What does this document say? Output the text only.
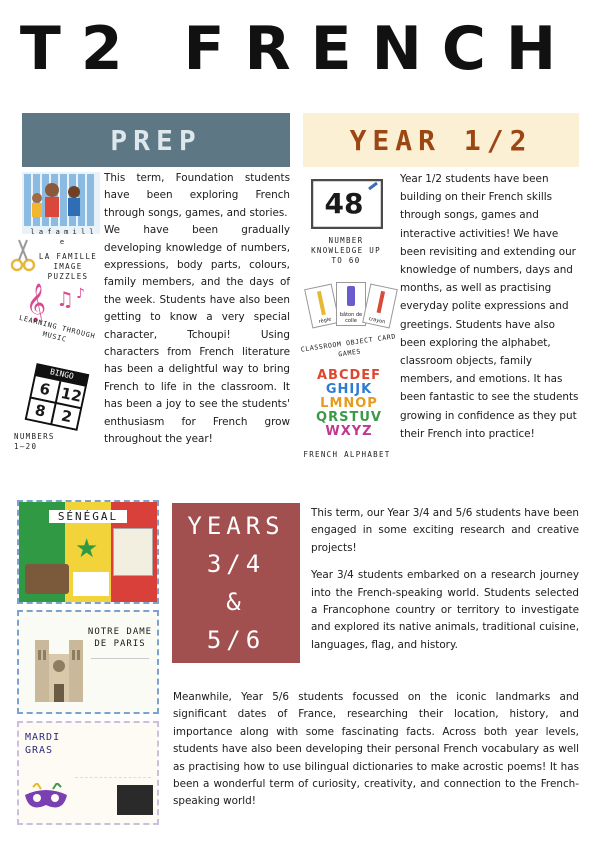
T2 FRENCH
PREP
l a f a m i l l e
LA FAMILLE IMAGE PUZZLES
𝄞 ♫ ♪
LEARNING THROUGH MUSIC
BINGO
6 12
8 2
NUMBERS 1–20

This term, Foundation students have been exploring French through songs, games, and stories.

We have been gradually developing knowledge of numbers, expressions, body parts, colours, family members, and the days of the week. Students have also been getting to know a very special character, Tchoupi! Using characters from French literature has been a delightful way to bring French to life in the classroom. It has been a joy to see the students' enthusiasm for French grow throughout the year!

YEAR 1/2
48
NUMBER KNOWLEDGE UP TO 60
règle
bâton de colle	crayon
CLASSROOM OBJECT CARD GAMES
ABCDEF
GHIJK
LMNOP
QRSTUV
WXYZ
FRENCH ALPHABET

Year 1/2 students have been building on their French skills through songs, games and interactive activities! We have been revisiting and extending our knowledge of numbers, days and months, as well as practising everyday polite expressions and greetings. Students have also been exploring the alphabet, classroom objects, family members, and emotions. It has been fantastic to see the students growing in confidence as they put their French into practice!

★
SÉNÉGAL
NOTRE DAME DE PARIS
MARDI GRAS
YEARS
3/4
&
5/6

This term, our Year 3/4 and 5/6 students have been engaged in some exciting research and creative projects!

Year 3/4 students embarked on a research journey into the French-speaking world. Students selected a Francophone country or territory to investigate and explored its native animals, traditional cuisine, languages, flag, and history.

Meanwhile, Year 5/6 students focussed on the iconic landmarks and significant dates of France, researching their location, history, and importance along with some fascinating facts. Across both year levels, students have also been developing their personal French vocabulary as well as practising how to use bilingual dictionaries to make acrostic poems! It has been a wonderful term of curiosity, creativity, and connection to the French-speaking world!
